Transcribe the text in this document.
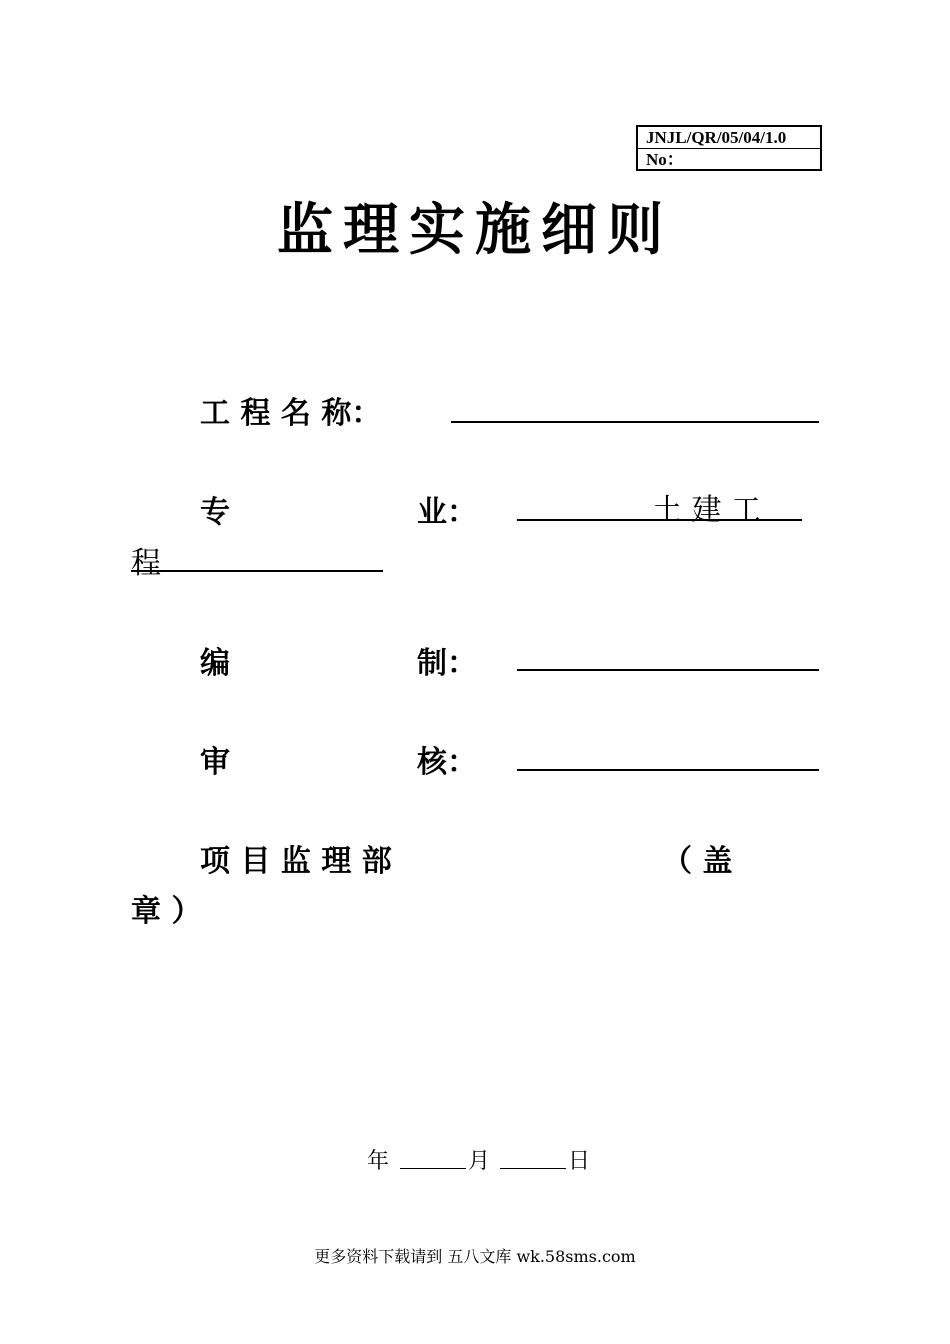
JNJL/QR/05/04/1.0
No：
监理实施细则
工 程 名 称：
专	业：	土 建 工
程
编	制：
审	核：
项 目 监 理 部	（ 盖
章 ）
年	月	日
更多资料下载请到 五八文库 wk.58sms.com
